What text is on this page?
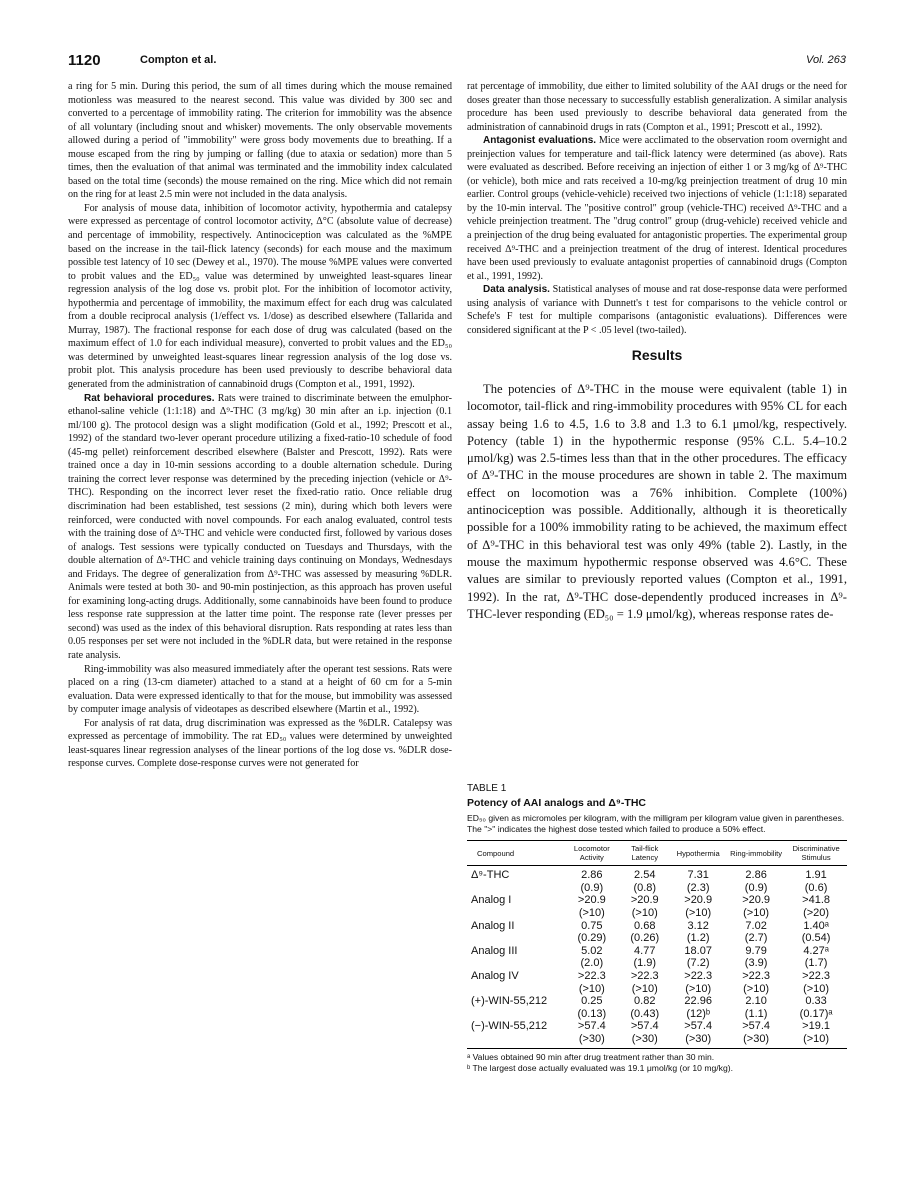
1120	Compton et al.	Vol. 263

a ring for 5 min. During this period, the sum of all times during which the mouse remained motionless was measured to the nearest second. This value was divided by 300 sec and converted to a percentage of immobility rating. The criterion for immobility was the absence of all voluntary (including snout and whisker) movements. The only observable movements allowed during a period of "immobility" were gross body movements due to breathing. If a mouse escaped from the ring by jumping or falling (due to ataxia or sedation) more than 5 times, then the evaluation of that animal was terminated and the immobility index calculated based on the total time (seconds) the mouse remained on the ring. Mice which did not remain on the ring for at least 2.5 min were not included in the data analysis.

For analysis of mouse data, inhibition of locomotor activity, hypothermia and catalepsy were expressed as percentage of control locomotor activity, Δ°C (absolute value of decrease) and percentage of immobility, respectively. Antinociception was calculated as the %MPE based on the increase in the tail-flick latency (seconds) for each mouse and the maximum possible test latency of 10 sec (Dewey et al., 1970). The mouse %MPE values were converted to probit values and the ED₅₀ value was determined by unweighted least-squares linear regression analysis of the log dose vs. probit plot. For the inhibition of locomotor activity, hypothermia and percentage of immobility, the maximum effect for each drug was calculated from a double reciprocal analysis (1/effect vs. 1/dose) as described elsewhere (Tallarida and Murray, 1987). The fractional response for each dose of drug was calculated (based on the maximum effect of 1.0 for each individual measure), converted to probit values and the ED₅₀ was determined by unweighted least-squares linear regression analysis of the log dose vs. probit plot. This analysis procedure has been used previously to describe behavioral data generated from the administration of cannabinoid drugs (Compton et al., 1991, 1992).

Rat behavioral procedures. Rats were trained to discriminate between the emulphor-ethanol-saline vehicle (1:1:18) and Δ⁹-THC (3 mg/kg) 30 min after an i.p. injection (0.1 ml/100 g). The protocol design was a slight modification (Gold et al., 1992; Prescott et al., 1992) of the standard two-lever operant procedure utilizing a fixed-ratio-10 schedule of food (45-mg pellet) reinforcement described elsewhere (Balster and Prescott, 1992). Rats were trained once a day in 10-min sessions according to a double alternation schedule. During training the correct lever response was determined by the preceding injection (vehicle or Δ⁹-THC). Responding on the incorrect lever reset the fixed-ratio ratio. Once reliable drug discrimination had been established, test sessions (2 min), during which both levers were reinforced, were conducted with novel compounds. For each analog evaluated, control tests with the training dose of Δ⁹-THC and vehicle were conducted first, followed by various doses of analogs. Test sessions were typically conducted on Tuesdays and Thursdays, with the double alternation of Δ⁹-THC and vehicle training days continuing on Mondays, Wednesdays and Fridays. The degree of generalization from Δ⁹-THC was assessed by measuring %DLR. Animals were tested at both 30- and 90-min postinjection, as this approach has proven useful for examining long-acting drugs. Additionally, some cannabinoids have been found to produce less response rate suppression at the latter time point. The response rate (lever presses per second) was used as the index of this behavioral disruption. Rats responding at rates less than 0.05 responses per set were not included in the %DLR data, but were retained in the response rate analysis.

Ring-immobility was also measured immediately after the operant test sessions. Rats were placed on a ring (13-cm diameter) attached to a stand at a height of 60 cm for a 5-min evaluation. Data were expressed identically to that for the mouse, but immobility was assessed by computer image analysis of videotapes as described elsewhere (Martin et al., 1992).

For analysis of rat data, drug discrimination was expressed as the %DLR. Catalepsy was expressed as percentage of immobility. The rat ED₅₀ values were determined by unweighted least-squares linear regression analyses of the linear portions of the log dose vs. %DLR dose-response curves. Complete dose-response curves were not generated for

rat percentage of immobility, due either to limited solubility of the AAI drugs or the need for doses greater than those necessary to successfully establish generalization. A similar analysis procedure has been used previously to describe behavioral data generated from the administration of cannabinoid drugs in rats (Compton et al., 1991; Prescott et al., 1992).

Antagonist evaluations. Mice were acclimated to the observation room overnight and preinjection values for temperature and tail-flick latency were determined (as above). Rats were evaluated as described. Before receiving an injection of either 1 or 3 mg/kg of Δ⁹-THC (or vehicle), both mice and rats received a 10-mg/kg preinjection treatment of drug 10 min earlier. Control groups (vehicle-vehicle) received two injections of vehicle (1:1:18) separated by the 10-min interval. The "positive control" group (vehicle-THC) received Δ⁹-THC and a vehicle preinjection treatment. The "drug control" group (drug-vehicle) received vehicle and a preinjection of the drug being evaluated for antagonistic properties. The experimental group received Δ⁹-THC and a preinjection treatment of the drug of interest. Identical procedures have been used previously to evaluate antagonist properties of cannabinoid drugs (Compton et al., 1991, 1992).

Data analysis. Statistical analyses of mouse and rat dose-response data were performed using analysis of variance with Dunnett's t test for comparisons to the vehicle control or Schefe's F test for multiple comparisons (antagonistic evaluations). Differences were considered significant at the P < .05 level (two-tailed).

Results

The potencies of Δ⁹-THC in the mouse were equivalent (table 1) in locomotor, tail-flick and ring-immobility procedures with 95% CL for each assay being 1.6 to 4.5, 1.6 to 3.8 and 1.3 to 6.1 μmol/kg, respectively. Potency (table 1) in the hypothermic response (95% C.L. 5.4–10.2 μmol/kg) was 2.5-times less than that in the other procedures. The efficacy of Δ⁹-THC in the mouse procedures are shown in table 2. The maximum effect on locomotion was a 76% inhibition. Complete (100%) antinociception was possible. Additionally, although it is theoretically possible for a 100% immobility rating to be achieved, the maximum effect of Δ⁹-THC in this behavioral test was only 49% (table 2). Lastly, in the mouse the maximum hypothermic response observed was 4.6°C. These values are similar to previously reported values (Compton et al., 1991, 1992). In the rat, Δ⁹-THC dose-dependently produced increases in Δ⁹-THC-lever responding (ED₅₀ = 1.9 μmol/kg), whereas response rates de-

TABLE 1
Potency of AAI analogs and Δ⁹-THC
ED₅₀ given as micromoles per kilogram, with the milligram per kilogram value given in parentheses. The ">" indicates the highest dose tested which failed to produce a 50% effect.
Compound	Locomotor Activity	Tail-flick Latency	Hypothermia	Ring-immobility	Discriminative Stimulus
Δ⁹-THC	2.86	2.54	7.31	2.86	1.91
	(0.9)	(0.8)	(2.3)	(0.9)	(0.6)
Analog I	>20.9	>20.9	>20.9	>20.9	>41.8
	(>10)	(>10)	(>10)	(>10)	(>20)
Analog II	0.75	0.68	3.12	7.02	1.40ᵃ
	(0.29)	(0.26)	(1.2)	(2.7)	(0.54)
Analog III	5.02	4.77	18.07	9.79	4.27ᵃ
	(2.0)	(1.9)	(7.2)	(3.9)	(1.7)
Analog IV	>22.3	>22.3	>22.3	>22.3	>22.3
	(>10)	(>10)	(>10)	(>10)	(>10)
(+)-WIN-55,212	0.25	0.82	22.96	2.10	0.33
	(0.13)	(0.43)	(12)ᵇ	(1.1)	(0.17)ᵃ
(−)-WIN-55,212	>57.4	>57.4	>57.4	>57.4	>19.1
	(>30)	(>30)	(>30)	(>30)	(>10)
ᵃ Values obtained 90 min after drug treatment rather than 30 min.
ᵇ The largest dose actually evaluated was 19.1 μmol/kg (or 10 mg/kg).
